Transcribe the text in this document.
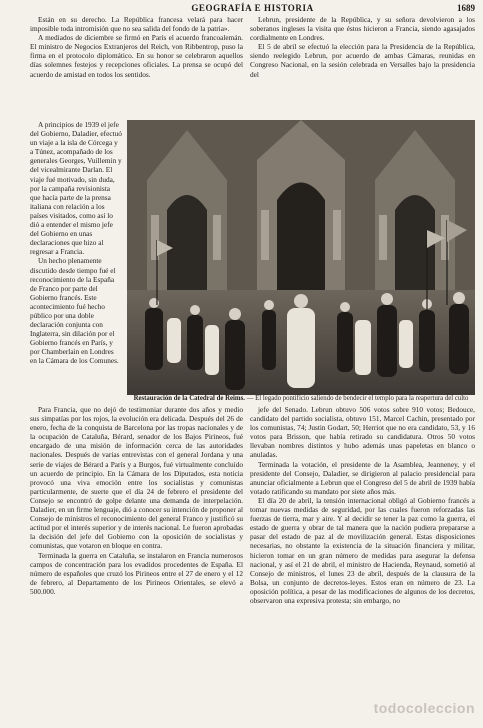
GEOGRAFÍA E HISTORIA	1689

Están en su derecho. La República francesa velará para hacer imposible toda intromisión que no sea salida del fondo de la patria».

A mediados de diciembre se firmó en París el acuerdo francoalemán. El ministro de Negocios Extranjeros del Reich, von Ribbentrop, puso la firma en el protocolo diplomático. En su honor se celebraron aquellos días solemnes festejos y recepciones oficiales. La prensa se ocupó del acuerdo de amistad en todos los sentidos.

Lebrun, presidente de la República, y su señora devolvieron a los soberanos ingleses la visita que éstos hicieron a Francia, siendo agasajados cordialmente en Londres.

El 5 de abril se efectuó la elección para la Presidencia de la República, siendo reelegido Lebrun, por acuerdo de ambas Cámaras, reunidas en Congreso Nacional, en la sesión celebrada en Versalles bajo la presidencia del

A principios de 1939 el jefe del Gobierno, Daladier, efectuó un viaje a la isla de Córcega y a Túnez, acompañado de los generales Georges, Vuillemin y del vicealmirante Darlan. El viaje fué motivado, sin duda, por la campaña revisionista que hacía parte de la prensa italiana con relación a los países visitados, como así lo dió a entender el mismo jefe del Gobierno en unas declaraciones que hizo al regresar a Francia.

Un hecho plenamente discutido desde tiempo fué el reconocimiento de la España de Franco por parte del Gobierno francés. Este acontecimiento fué hecho público por una doble declaración conjunta con Inglaterra, sin dilación por el Gobierno francés en París, y por Chamberlain en Londres en la Cámara de los Comunes.

Restauración de la Catedral de Reims. — El legado pontificio saliendo de bendecir el templo para la reapertura del culto

Para Francia, que no dejó de testimoniar durante dos años y medio sus simpatías por los rojos, la evolución era delicada. Después del 26 de enero, fecha de la conquista de Barcelona por las tropas nacionales y de la ocupación de Cataluña, Bérard, senador de los Bajos Pirineos, fué encargado de una misión de información cerca de las autoridades nacionales. Después de varias entrevistas con el general Jordana y una serie de viajes de Bérard a París y a Burgos, fué virtualmente concluído un acuerdo de principio. En la Cámara de los Diputados, esta noticia provocó una viva emoción entre los socialistas y comunistas particularmente, de suerte que el día 24 de febrero el presidente del Consejo se encontró de golpe delante una demanda de interpelación. Daladier, en un firme lenguaje, dió a conocer su intención de proponer al Consejo de ministros el reconocimiento del general Franco y justificó su actitud por el interés superior y de interés nacional. Le fueron aprobadas la decisión del jefe del Gobierno con la oposición de socialistas y comunistas, que votaron en bloque en contra.

Terminada la guerra en Cataluña, se instalaron en Francia numerosos campos de concentración para los evadidos procedentes de España. El número de españoles que cruzó los Pirineos entre el 27 de enero y el 12 de febrero, al Departamento de los Pirineos Orientales, se elevó a 500.000.

jefe del Senado. Lebrun obtuvo 506 votos sobre 910 votos; Bedouce, candidato del partido socialista, obtuvo 151, Marcel Cachin, presentado por los comunistas, 74; Justin Godart, 50; Herriot que no era candidato, 53, y 16 votos para Brisson, que había retirado su candidatura. Otros 50 votos llevaban nombres distintos y hubo además unas papeletas en blanco o anuladas.

Terminada la votación, el presidente de la Asamblea, Jeanneney, y el presidente del Consejo, Daladier, se dirigieron al palacio presidencial para anunciar oficialmente a Lebrun que el Congreso del 5 de abril de 1939 había votado ratificando su mandato por siete años más.

El día 20 de abril, la tensión internacional obligó al Gobierno francés a tomar nuevas medidas de seguridad, por las cuales fueron reforzadas las fuerzas de tierra, mar y aire. Y al decidir se tener la paz como la guerra, el estado de guerra y obrar de tal manera que la nación pudiera prepararse a pasar del estado de paz al de movilización general. Estas disposiciones necesarias, no obstante la existencia de la situación financiera y militar, hicieron tomar en un gran número de medidas para asegurar la defensa nacional, y así el 21 de abril, el ministro de Hacienda, Reynaud, sometió al Consejo de ministros, el lunes 23 de abril, después de la clausura de la Bolsa, un conjunto de decretos-leyes. Estos eran en número de 23. La oposición política, a pesar de las modificaciones de algunos de los decretos, observaron una expresiva protesta; sin embargo, no

todocoleccion
